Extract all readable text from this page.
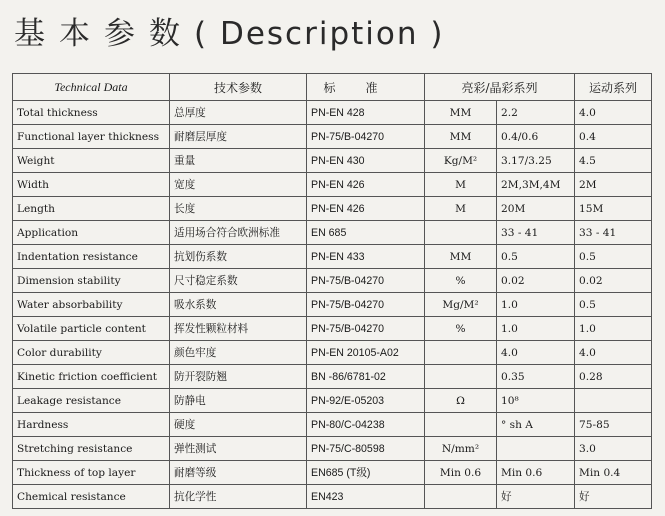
基本参数( Description )
Technical Data	技术参数	标准	亮彩/晶彩系列		运动系列
Total thickness	总厚度	PN-EN 428	MM	2.2	4.0
Functional layer thickness	耐磨层厚度	PN-75/B-04270	MM	0.4/0.6	0.4
Weight	重量	PN-EN 430	Kg/M²	3.17/3.25	4.5
Width	宽度	PN-EN 426	M	2M,3M,4M	2M
Length	长度	PN-EN 426	M	20M	15M
Application	适用场合符合欧洲标准	EN 685		33 - 41	33 - 41
Indentation resistance	抗划伤系数	PN-EN 433	MM	0.5	0.5
Dimension stability	尺寸稳定系数	PN-75/B-04270	%	0.02	0.02
Water absorbability	吸水系数	PN-75/B-04270	Mg/M²	1.0	0.5
Volatile particle content	挥发性颗粒材料	PN-75/B-04270	%	1.0	1.0
Color durability	颜色牢度	PN-EN 20105-A02		4.0	4.0
Kinetic friction coefficient	防开裂防翘	BN -86/6781-02		0.35	0.28
Leakage resistance	防静电	PN-92/E-05203	Ω	10⁸	
Hardness	硬度	PN-80/C-04238		° sh A	75-85
Stretching resistance	弹性测试	PN-75/C-80598	N/mm²		3.0
Thickness of top layer	耐磨等级	EN685 (T级)	Min 0.6	Min 0.6	Min 0.4
Chemical resistance	抗化学性	EN423		好	好
